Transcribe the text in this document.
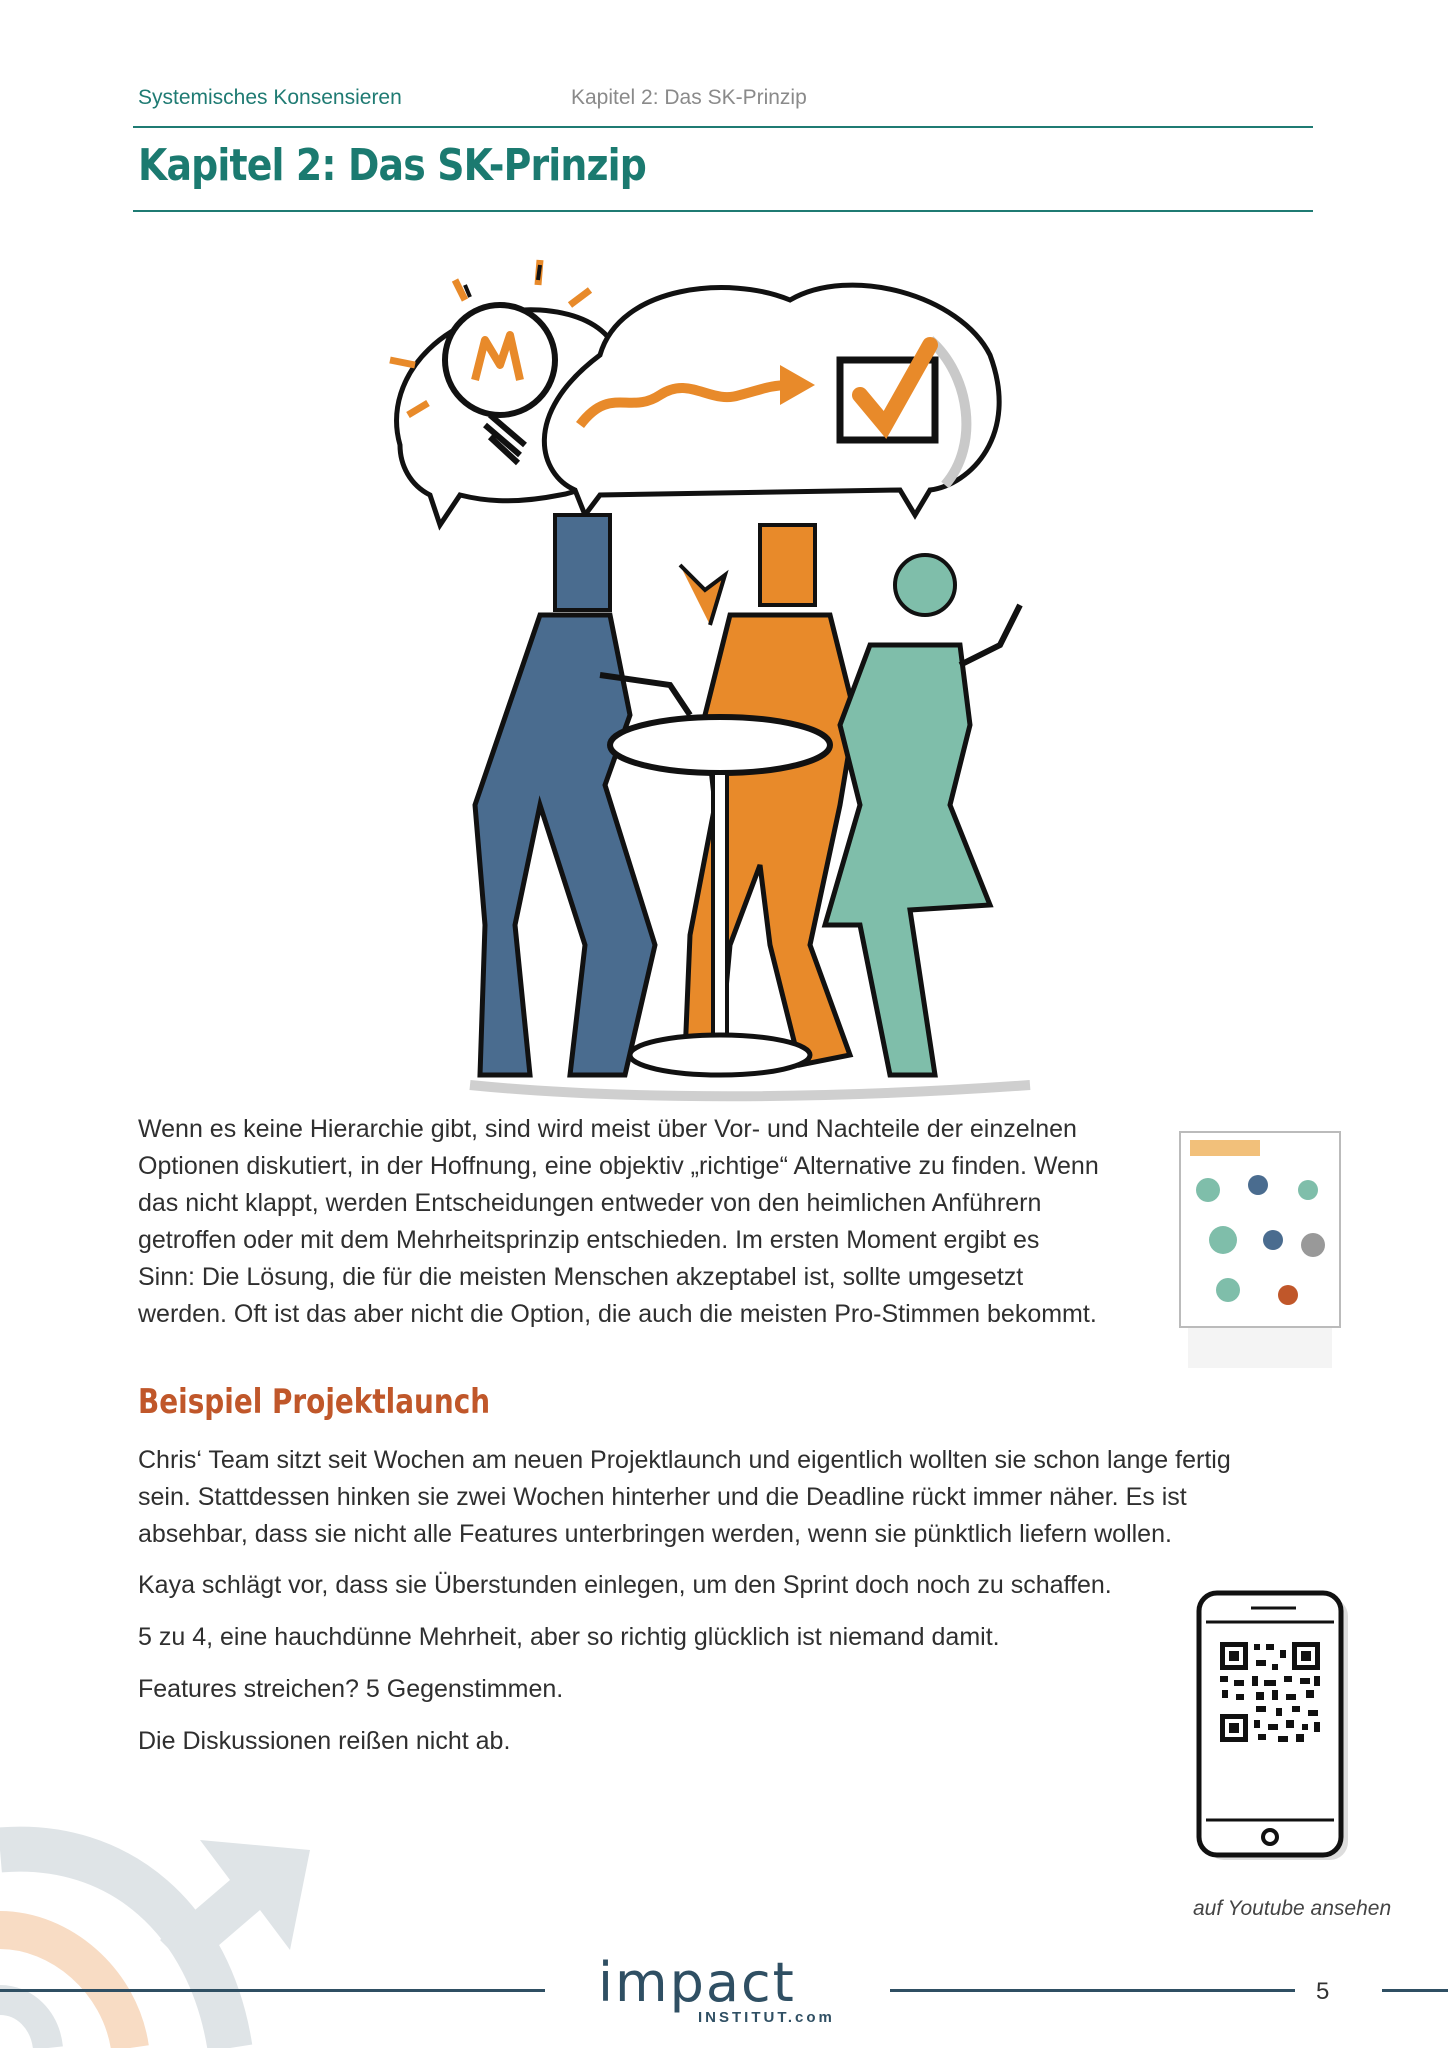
Systemisches Konsensieren	Kapitel 2: Das SK-Prinzip
Kapitel 2: Das SK-Prinzip

Wenn es keine Hierarchie gibt, sind wird meist über Vor- und Nachteile der einzelnen

Optionen diskutiert, in der Hoffnung, eine objektiv „richtige“ Alternative zu finden. Wenn

das nicht klappt, werden Entscheidungen entweder von den heimlichen Anführern

getroffen oder mit dem Mehrheitsprinzip entschieden. Im ersten Moment ergibt es

Sinn: Die Lösung, die für die meisten Menschen akzeptabel ist, sollte umgesetzt

werden. Oft ist das aber nicht die Option, die auch die meisten Pro-Stimmen bekommt.

Beispiel Projektlaunch

Chris‘ Team sitzt seit Wochen am neuen Projektlaunch und eigentlich wollten sie schon lange fertig

sein. Stattdessen hinken sie zwei Wochen hinterher und die Deadline rückt immer näher. Es ist

absehbar, dass sie nicht alle Features unterbringen werden, wenn sie pünktlich liefern wollen.

Kaya schlägt vor, dass sie Überstunden einlegen, um den Sprint doch noch zu schaffen.
5 zu 4, eine hauchdünne Mehrheit, aber so richtig glücklich ist niemand damit.
Features streichen? 5 Gegenstimmen.
Die Diskussionen reißen nicht ab.
auf Youtube ansehen
impact
INSTITUT.com
5
